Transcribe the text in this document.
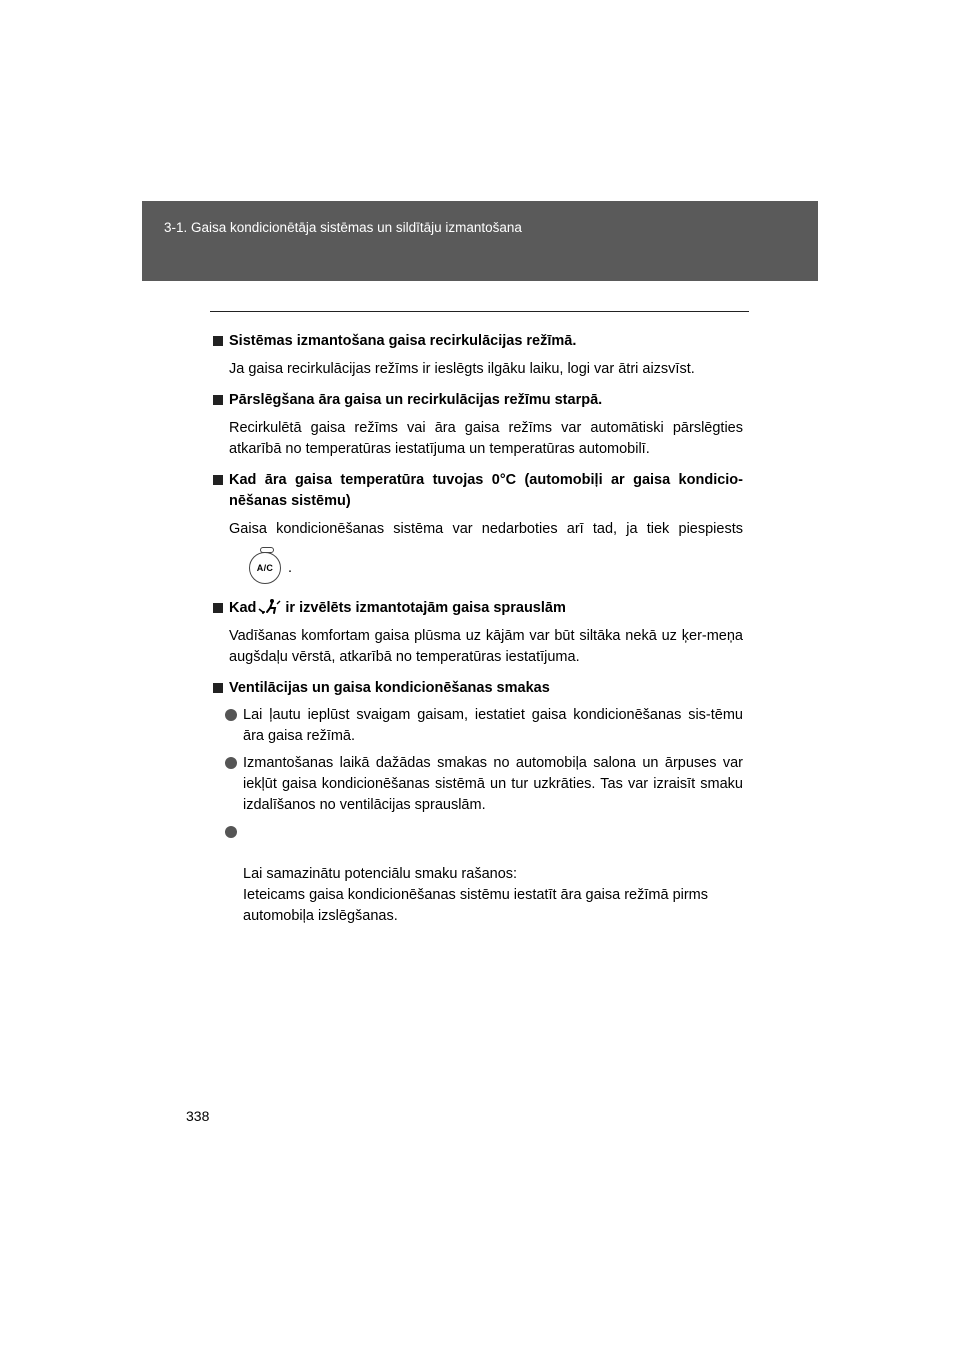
3-1. Gaisa kondicionētāja sistēmas un sildītāju izmantošana
Sistēmas izmantošana gaisa recirkulācijas režīmā.
Ja gaisa recirkulācijas režīms ir ieslēgts ilgāku laiku, logi var ātri aizsvīst.
Pārslēgšana āra gaisa un recirkulācijas režīmu starpā.
Recirkulētā gaisa režīms vai āra gaisa režīms var automātiski pārslēgties atkarībā no temperatūras iestatījuma un temperatūras automobilī.
Kad āra gaisa temperatūra tuvojas 0°C (automobiļi ar gaisa kondicio-nēšanas sistēmu)
Gaisa kondicionēšanas sistēma var nedarboties arī tad, ja tiek piespiests
A/C .
Kad ir izvēlēts izmantotajām gaisa sprauslām
Vadīšanas komfortam gaisa plūsma uz kājām var būt siltāka nekā uz ķer-meņa augšdaļu vērstā, atkarībā no temperatūras iestatījuma.
Ventilācijas un gaisa kondicionēšanas smakas
Lai ļautu ieplūst svaigam gaisam, iestatiet gaisa kondicionēšanas sis-tēmu āra gaisa režīmā.
Izmantošanas laikā dažādas smakas no automobiļa salona un ārpuses var iekļūt gaisa kondicionēšanas sistēmā un tur uzkrāties. Tas var izraisīt smaku izdalīšanos no ventilācijas sprauslām.

Lai samazinātu potenciālu smaku rašanos:
Ieteicams gaisa kondicionēšanas sistēmu iestatīt āra gaisa režīmā pirms automobiļa izslēgšanas.

338
